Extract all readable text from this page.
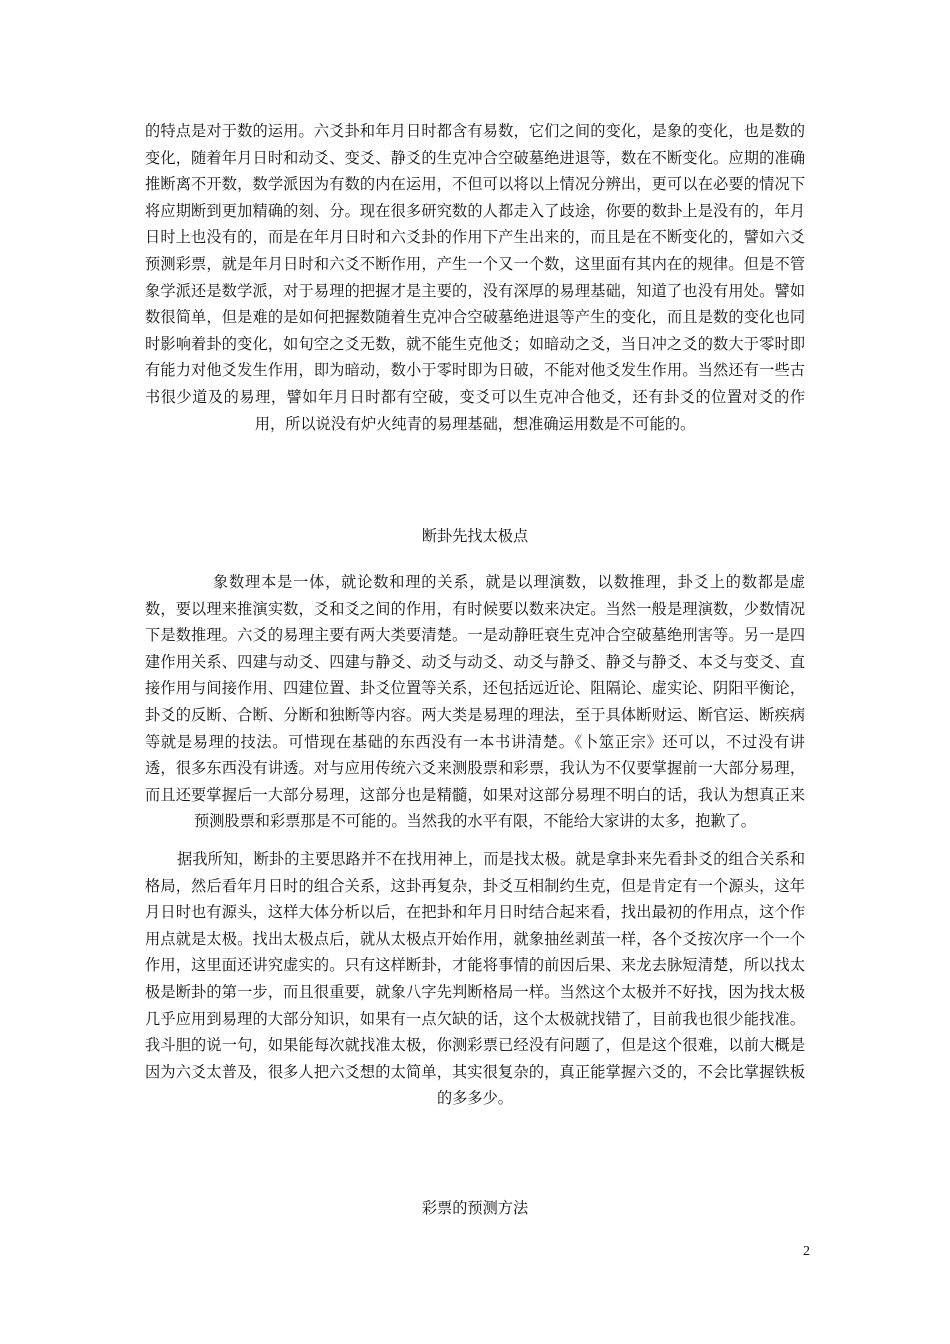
的特点是对于数的运用。六爻卦和年月日时都含有易数，它们之间的变化，是象的变化，也是数的变化，随着年月日时和动爻、变爻、静爻的生克冲合空破墓绝进退等，数在不断变化。应期的准确推断离不开数，数学派因为有数的内在运用，不但可以将以上情况分辨出，更可以在必要的情况下将应期断到更加精确的刻、分。现在很多研究数的人都走入了歧途，你要的数卦上是没有的，年月日时上也没有的，而是在年月日时和六爻卦的作用下产生出来的，而且是在不断变化的，譬如六爻预测彩票，就是年月日时和六爻不断作用，产生一个又一个数，这里面有其内在的规律。但是不管象学派还是数学派，对于易理的把握才是主要的，没有深厚的易理基础，知道了也没有用处。譬如数很简单，但是难的是如何把握数随着生克冲合空破墓绝进退等产生的变化，而且是数的变化也同时影响着卦的变化，如旬空之爻无数，就不能生克他爻；如暗动之爻，当日冲之爻的数大于零时即有能力对他爻发生作用，即为暗动，数小于零时即为日破，不能对他爻发生作用。当然还有一些古书很少道及的易理，譬如年月日时都有空破，变爻可以生克冲合他爻，还有卦爻的位置对爻的作用，所以说没有炉火纯青的易理基础，想准确运用数是不可能的。

断卦先找太极点

象数理本是一体，就论数和理的关系，就是以理演数，以数推理，卦爻上的数都是虚数，要以理来推演实数，爻和爻之间的作用，有时候要以数来决定。当然一般是理演数，少数情况下是数推理。六爻的易理主要有两大类要清楚。一是动静旺衰生克冲合空破墓绝刑害等。另一是四建作用关系、四建与动爻、四建与静爻、动爻与动爻、动爻与静爻、静爻与静爻、本爻与变爻、直接作用与间接作用、四建位置、卦爻位置等关系，还包括远近论、阻隔论、虚实论、阴阳平衡论，卦爻的反断、合断、分断和独断等内容。两大类是易理的理法，至于具体断财运、断官运、断疾病等就是易理的技法。可惜现在基础的东西没有一本书讲清楚。《卜筮正宗》还可以，不过没有讲透，很多东西没有讲透。对与应用传统六爻来测股票和彩票，我认为不仅要掌握前一大部分易理，而且还要掌握后一大部分易理，这部分也是精髓，如果对这部分易理不明白的话，我认为想真正来预测股票和彩票那是不可能的。当然我的水平有限，不能给大家讲的太多，抱歉了。

据我所知，断卦的主要思路并不在找用神上，而是找太极。就是拿卦来先看卦爻的组合关系和格局，然后看年月日时的组合关系，这卦再复杂，卦爻互相制约生克，但是肯定有一个源头，这年月日时也有源头，这样大体分析以后，在把卦和年月日时结合起来看，找出最初的作用点，这个作用点就是太极。找出太极点后，就从太极点开始作用，就象抽丝剥茧一样，各个爻按次序一个一个作用，这里面还讲究虚实的。只有这样断卦，才能将事情的前因后果、来龙去脉短清楚，所以找太极是断卦的第一步，而且很重要，就象八字先判断格局一样。当然这个太极并不好找，因为找太极几乎应用到易理的大部分知识，如果有一点欠缺的话，这个太极就找错了，目前我也很少能找准。我斗胆的说一句，如果能每次就找准太极，你测彩票已经没有问题了，但是这个很难，以前大概是因为六爻太普及，很多人把六爻想的太简单，其实很复杂的，真正能掌握六爻的，不会比掌握铁板的多多少。

彩票的预测方法

2
